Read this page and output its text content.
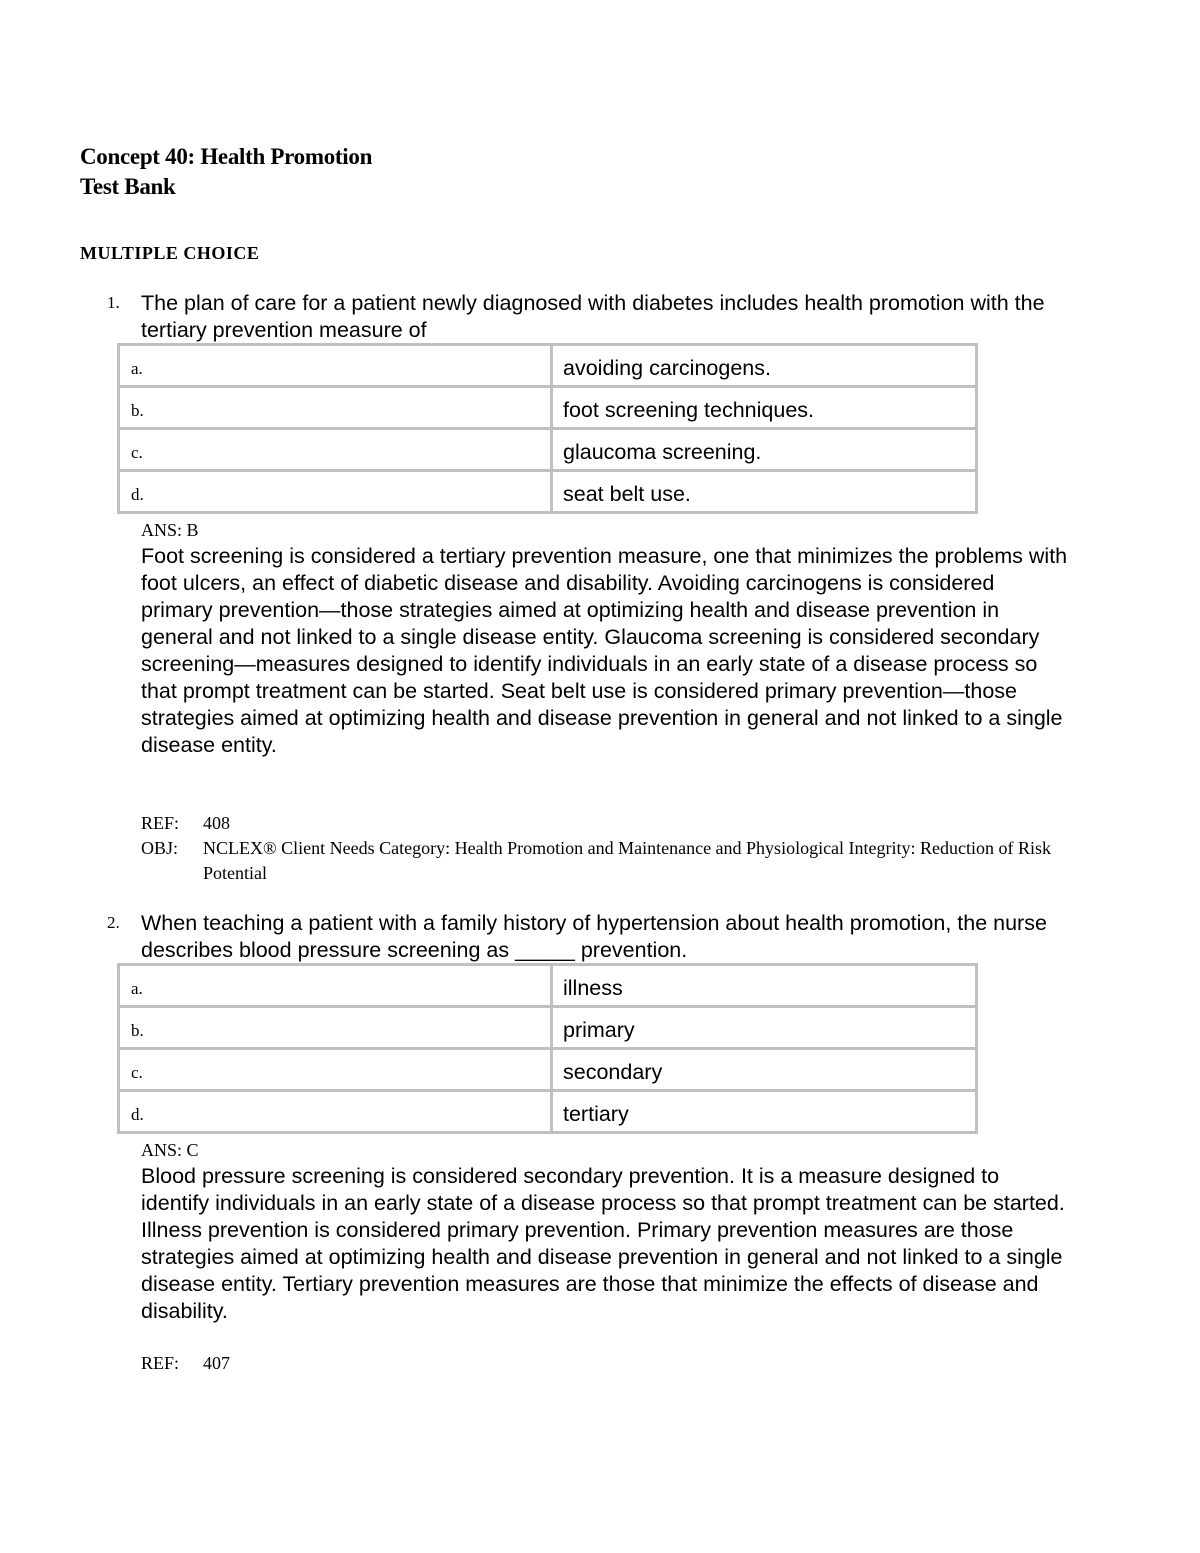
Concept 40: Health Promotion
Test Bank
MULTIPLE CHOICE
1. The plan of care for a patient newly diagnosed with diabetes includes health promotion with the tertiary prevention measure of
a.	avoiding carcinogens.
b.	foot screening techniques.
c.	glaucoma screening.
d.	seat belt use.
ANS: B
Foot screening is considered a tertiary prevention measure, one that minimizes the problems with foot ulcers, an effect of diabetic disease and disability. Avoiding carcinogens is considered primary prevention—those strategies aimed at optimizing health and disease prevention in general and not linked to a single disease entity. Glaucoma screening is considered secondary screening—measures designed to identify individuals in an early state of a disease process so that prompt treatment can be started. Seat belt use is considered primary prevention—those strategies aimed at optimizing health and disease prevention in general and not linked to a single disease entity.
REF: 408
OBJ: NCLEX® Client Needs Category: Health Promotion and Maintenance and Physiological Integrity: Reduction of Risk Potential
2. When teaching a patient with a family history of hypertension about health promotion, the nurse describes blood pressure screening as _____ prevention.
a.	illness
b.	primary
c.	secondary
d.	tertiary
ANS: C
Blood pressure screening is considered secondary prevention. It is a measure designed to identify individuals in an early state of a disease process so that prompt treatment can be started. Illness prevention is considered primary prevention. Primary prevention measures are those strategies aimed at optimizing health and disease prevention in general and not linked to a single disease entity. Tertiary prevention measures are those that minimize the effects of disease and disability.
REF: 407
